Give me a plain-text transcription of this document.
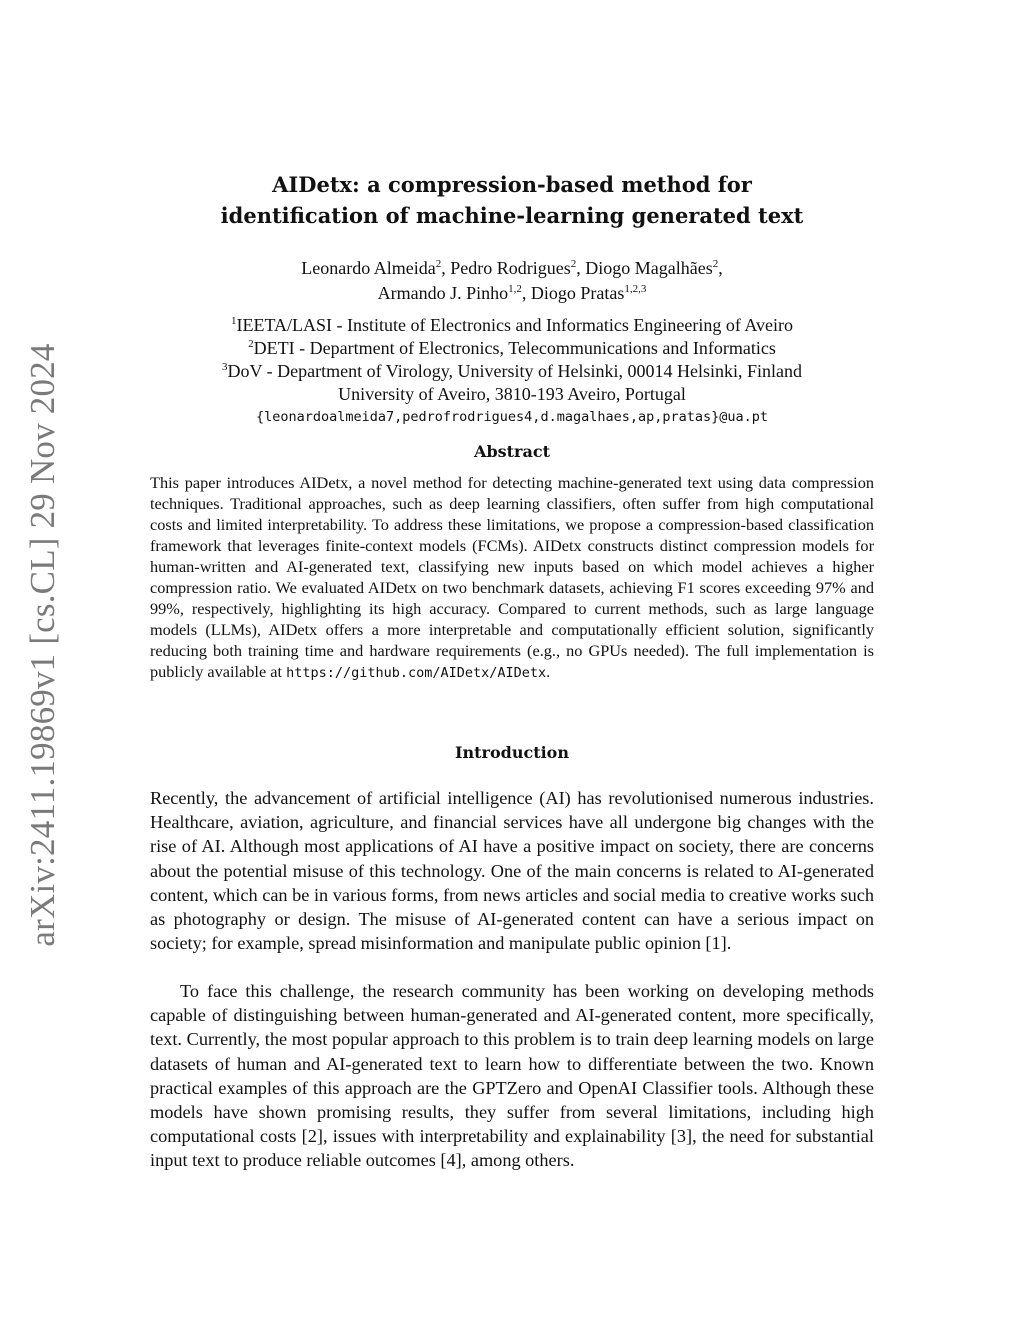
arXiv:2411.19869v1 [cs.CL] 29 Nov 2024
AIDetx: a compression-based method for
identification of machine-learning generated text
Leonardo Almeida$^2$, Pedro Rodrigues$^2$, Diogo Magalhães$^2$,
Armando J. Pinho$^{1,2}$, Diogo Pratas$^{1,2,3}$
$^1$IEETA/LASI - Institute of Electronics and Informatics Engineering of Aveiro
$^2$DETI - Department of Electronics, Telecommunications and Informatics
$^3$DoV - Department of Virology, University of Helsinki, 00014 Helsinki, Finland
University of Aveiro, 3810-193 Aveiro, Portugal
{leonardoalmeida7,pedrofrodrigues4,d.magalhaes,ap,pratas}@ua.pt
Abstract

This paper introduces AIDetx, a novel method for detecting machine-generated text using data compression techniques. Traditional approaches, such as deep learning classifiers, often suffer from high computational costs and limited interpretability. To address these limitations, we propose a compression-based classification framework that leverages finite-context models (FCMs). AIDetx constructs distinct compression models for human-written and AI-generated text, classifying new inputs based on which model achieves a higher compression ratio. We evaluated AIDetx on two benchmark datasets, achieving F1 scores exceeding 97% and 99%, respectively, highlighting its high accuracy. Compared to current methods, such as large language models (LLMs), AIDetx offers a more interpretable and computationally efficient solution, significantly reducing both training time and hardware requirements (e.g., no GPUs needed). The full implementation is publicly available at https://github.com/AIDetx/AIDetx.

Introduction

Recently, the advancement of artificial intelligence (AI) has revolutionised numerous industries. Healthcare, aviation, agriculture, and financial services have all undergone big changes with the rise of AI. Although most applications of AI have a positive impact on society, there are concerns about the potential misuse of this technology. One of the main concerns is related to AI-generated content, which can be in various forms, from news articles and social media to creative works such as photography or design. The misuse of AI-generated content can have a serious impact on society; for example, spread misinformation and manipulate public opinion [1].

To face this challenge, the research community has been working on developing methods capable of distinguishing between human-generated and AI-generated content, more specifically, text. Currently, the most popular approach to this problem is to train deep learning models on large datasets of human and AI-generated text to learn how to differentiate between the two. Known practical examples of this approach are the GPTZero and OpenAI Classifier tools. Although these models have shown promising results, they suffer from several limitations, including high computational costs [2], issues with interpretability and explainability [3], the need for substantial input text to produce reliable outcomes [4], among others.
